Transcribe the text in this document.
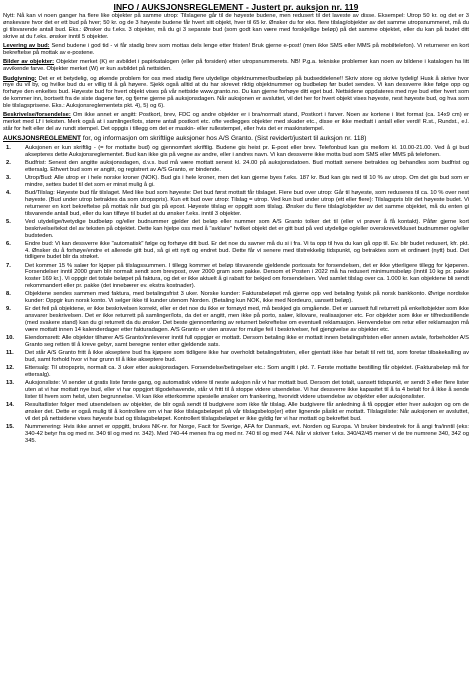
INFO / AUKSJONSREGLEMENT - Justert pr. auksjon nr. 119

Nytt: Nå kan vi noen ganger ha flere like objekter på samme utrop: Tilslagene går til de høyeste budene, men redusert til det laveste av disse. Eksempel: Utrop 50 kr. og det er 3 ønskevare hvor det er ett bud på hver; 50 kr. og de 3 høyeste budene får hvert sitt objekt, hver til 65 kr. Ønsker du for eks. flere tilslag/objekter av det samme utropsnummeret, må du gi tilsvarende antall bud. Eks.: Ønsker du f.eks. 3 objekter, må du gi 3 separate bud (som godt kan være med forskjellige beløp) på det samme objektet, eller du kan på budet ditt skrive at du f.eks. ønsker inntil 5 objekter.

Levering av bud: Send budene i god tid - vi får stadig brev som mottas dels lenge etter fristen! Bruk gjerne e-post! (men ikke SMS eller MMS på mobiltelefon). Vi returnerer en kort bekreftelse på mottak av e-postene.

Bilder av objekter: Objekter merket (K) er avbildet i papirkatalogen (eller på forsiden) etter utropsnummerets. NB! P.g.a. tekniske problemer kan noen av bildene i katalogen ha litt avvikende farve. Objekter merket (W) er kun avbildet på nettsiden.

Budgivning: Det er et betydelig, og økende problem for oss med stadig flere utydelige objektnummer/budbeløp på budseddelene!! Skriv store og skrive tydelig! Husk å skrive hvor mye du vil by, og hvilke bud du er villig til å gå høyere. Sjekk også alltid at du har skrevet riktig objektnummer og budbeløp før budet sendes. Vi kan dessverre ikke følge opp og forhøye den enkeltes bud. Høyeste bud for hvert objekt vises på vår nettside www.granto.no. Du kan gjerne forhøye ditt eget bud. Nettsidene oppdateres med nye bud etter hvert som de kommer inn, bortsett fra de siste dagene før, og fjerne gjerne på auksjonsdagen. Når auksjonen er avsluttet, vil det her for hvert objekt vises høyeste, nest høyeste bud, og hva som ble tilslagsprisene. Eks.: Auksjonsreglementets pkt. 4), 5) og 6).

Beskrivelse/forsendelse: Om ikke annet er angitt: Postkort, brev, FDC og andre objekter er i bra/normalt stand, Postkort i farver. Noen av kortene i litet format (ca. 14x9 cm) er merket med Lf i teksten. Merk også at i samlinger/lots, større antall postkort etc. ofte vedlegges objekter med skader etc., disse er ikke medtatt i antall eller verdi! R.st., Rundst., e.l. står for helt eller del av rundt stempel. Det oppgis i tillegg om det er maskin- eller rullestempel, eller hvis det er maskinstempel.

AUKSJONSREGLEMENT for, og informasjon om skriftlige auksjoner hos A/S Granto. (Sist revidert/justert til auksjon nr. 118)
1.	Auksjonen er kun skriftlig - (= for mottatte bud) og gjennomført skriftlig. Budene gis heist pr. E-post eller brev. Telefonbud kan gis mellom kl. 10.00-21.00. Ved å gi bud aksepteres dette Auksjonsreglementet. Bud kan ikke gis på vegne av andre, eller i andres navn. Vi kan dessverre ikke motta bud som SMS eller MMS på telefonen.
2.	Budfrist: Senest den angitte auksjonsdagen, d.v.s. bud må være mottatt senest kl. 24.00 på auksjonsdatoen. Bud mottatt senere betraktes og behandles som budfrist og ettersalg. Ethvert bud som er angitt, og registrert av A/S Granto, er bindende.
3.	Utrop/Bud: Alle utrop er i hele norske kroner (NOK). Bud gis i hele kroner, men det kan gjerne byes f.eks. 187 kr. Bud kan gis ned til 10 % av utrop. Om det gis bud som er mindre, settes budet til det som er minst mulig å gi.
4.	Bud/Tilslag: Høyeste bud får tilslaget. Med like bud som høyeste: Det bud først mottatt får tilslaget. Flere bud over utrop: Går til høyeste, som reduseres til ca. 10 % over nest høyeste. (Bud under utrop betraktes da som utropspris). Kun ett bud over utrop: Tilslag = utrop. Ved kun bud under utrop (ett eller flere): Tilslagspris blir det høyeste budet. Vi returnerer en kort bekreftelse på mottak når bud gis på epost. Høyeste tilslag er oppgitt som tilslag. Ønsker du flere tilslag/objekter av det samme objektet, må du enten gi tilsvarende antall bud, eller du kan tilføye til budet at du ønsker f.eks. inntil 3 objekter.
5.	Ved utydelige/tvetydige budbeløp og/eller budnummer gjelder det beløp eller nummer som A/S Granto tolker det til (eller vi prøver å få kontakt). Påfør gjerne kort beskrivelse/tekst del av teksten på objektet. Dette kan hjelpe oss med å "avklare" hvilket objekt det er gitt bud på ved utydelige og/eller overskrevet/kluset budnummer og/eller budsteden.
6.	Endre bud: Vi kan dessverre ikke "automatisk" følge og forhøye ditt bud. Er det noe du savner må du si i fra. Vi ta opp til hva du kan gå opp til. Ev. blir budet redusert, kfr. pkt. 4. Ønsker du å forhøye/endre et allerede gitt bud, så gi ett nytt og endret bud. Dette får vi senere med tilstrekkelig tidspunkt, og betraktes som et ordinært (nytt) bud. Det tidligere budet blir da strøket.
7.	Det kommer 15 % salær for kjøper på tilslagssummen. I tillegg kommer et beløp tilsvarende gjeldende portosats for forsendelsen, det er ikke ytterligere tillegg for kjøperen. Forsendelser inntil 2000 gram blir normalt sendt som brevpost, over 2000 gram som pakke. Dersom et Posten i 2022 må ha redusert minimumsbeløp (inntil 10 kg pr. pakke koster 169 kr.). Vi oppgir det totale beløpet på faktura, og det er ikke aktuelt å gi rabatt for bekjed om forsendelsen. Ved samlet tilslag over ca. 1.000 kr. kan objektene bli sendt rekommandert eller pr. pakke (det innebærer ev. ekstra kostnader).
8.	Objektene sendes sammen med faktura, med betalingsfrist 3 uker. Norske kunder: Fakturabeløpet må gjerne opp ved betaling fysisk på norsk bankkonto. Øvrige nordiske kunder: Oppgir kun norsk konto. Vi selger ikke til kunder utenom Norden. (Betaling kun NOK, ikke med Nordeuro, uansett beløp).
9.	Er det feil på objektene, er ikke beskrivelsen korrekt, eller er det noe du ikke er fornøyd med, må beskjed gis omgående. Det er uansett full returrett på enkeltobjekter som ikke ansvarer beskrivelsen. Det er ikke returrett på samlinger/lots, da det er angitt, men ikke på porto, salær, kilovare, realisasjoner etc. For objekter som ikke er tilfredsstillende (med svakere stand) kan du gi returrett da du ønsker. Det beste gjennomføring av returnert bekreftelse om eventuell reklamasjon. Henvendelse om retur eller reklamasjon må være mottatt innen 14 kalenderdager etter fakturadagen. A/S Granto er uten ansvar for mulige feil i beskrivelser, feil gjengivelse av objekter etc.
10.	Eiendomsrett: Alle objekter tilhører A/S Granto/innleverer inntil full oppgjør er mottatt. Dersom betaling ikke er mottatt innen betalingsfristen eller annen avtale, forbeholder A/S Granto seg retten til å kreve gebyr, samt beregne renter etter gjeldende sats.
11.	Det står A/S Granto fritt å ikke akseptere bud fra kjøpere som tidligere ikke har overholdt betalingsfristen, eller gjentatt ikke har betalt til rett tid, som foretar tilbakekalling av bud, samt forhold hvor vi har grunn til å ikke akseptere bud.
12.	Ettersalg: Til utropspris, normalt ca. 3 uker etter auksjonsdagen. Forsendelse/betingelser etc.: Som angitt i pkt. 7. Første mottatte bestilling får objektet. (Fakturabeløp må for ettersalg).
13.	Auksjonsliste: Vi sender ut gratis liste første gang, og automatisk videre til neste auksjon når vi har mottatt bud. Dersom det totalt, uansett tidspunkt, er sendt 3 eller flere lister uten at vi har mottatt nye bud, eller vi har oppgjort tilgodehavende, står vi fritt til å stoppe videre utsendelse. Vi har dessverre ikke kapasitet til å ta 4 betalt for å ikke å sende lister til hvem som helst, uten begrunnelse. Vi kan ikke etterkomme spesielle ønsker om frankering, hvorvidt videre utsendelse av objekter eller auksjonslister.
14.	Resultatlister folger med utsendelsen av objekter, de blir også sendt til budgivere som ikke får tilslag. Alle budgivere får anledning å få oppgjør etter hver auksjon og om de ønsker det. Dette er også mulig til å kontrollere om vi har ikke tilslagsbeløpet på vår tilslagsbelop(er) etter lignende påsikt er mottatt. Tilslagsliste: Når auksjonen er avsluttet, vil det på nettsidene vises høyeste bud og tilslagsbeløpet. Kontrollert tilslagsbeløpet er ikke gyldig før vi har mottatt og bekreftet bud.
15.	Nummerering: Hvis ikke annet er oppgitt, brukes NK-nr. for Norge, Facit for Sverige, AFA for Danmark, evt. Norden og Europa. Vi bruker bindestrek for å angi fra/inntil (eks: 340-42 betyr fra og med nr. 340 til og med nr. 342). Med 740-44 menes fra og med nr. 740 til og med 744. Når vi skriver f.eks. 340/42/45 mener vi de tre numrene 340, 342 og 345.
